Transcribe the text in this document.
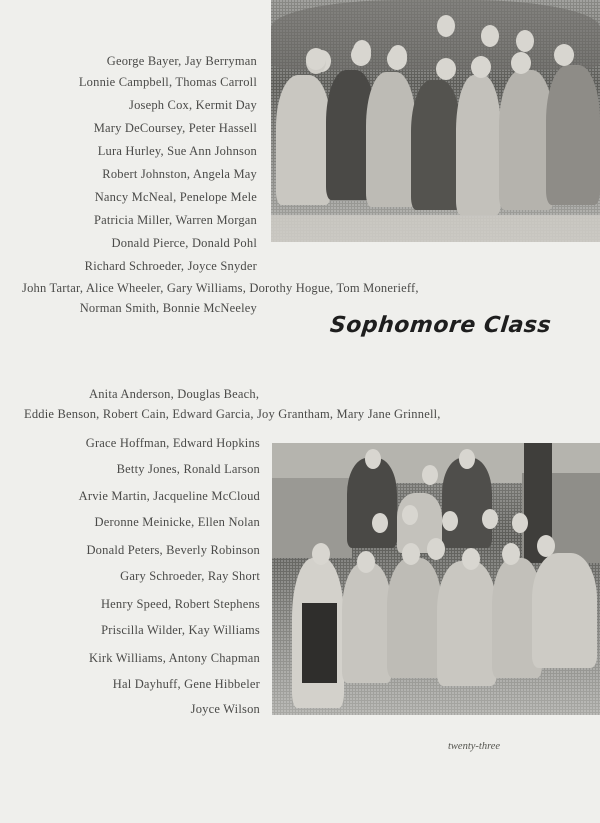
George Bayer, Jay Berryman
Lonnie Campbell, Thomas Carroll
Joseph Cox, Kermit Day
Mary DeCoursey, Peter Hassell
Lura Hurley, Sue Ann Johnson
Robert Johnston, Angela May
Nancy McNeal, Penelope Mele
Patricia Miller, Warren Morgan
Donald Pierce, Donald Pohl
Richard Schroeder, Joyce Snyder
John Tartar, Alice Wheeler, Gary Williams, Dorothy Hogue, Tom Monerieff,
Norman Smith, Bonnie McNeeley
Sophomore Class
Anita Anderson, Douglas Beach,
Eddie Benson, Robert Cain, Edward Garcia, Joy Grantham, Mary Jane Grinnell,
Grace Hoffman, Edward Hopkins
Betty Jones, Ronald Larson
Arvie Martin, Jacqueline McCloud
Deronne Meinicke, Ellen Nolan
Donald Peters, Beverly Robinson
Gary Schroeder, Ray Short
Henry Speed, Robert Stephens
Priscilla Wilder, Kay Williams
Kirk Williams, Antony Chapman
Hal Dayhuff, Gene Hibbeler
Joyce Wilson
twenty-three
